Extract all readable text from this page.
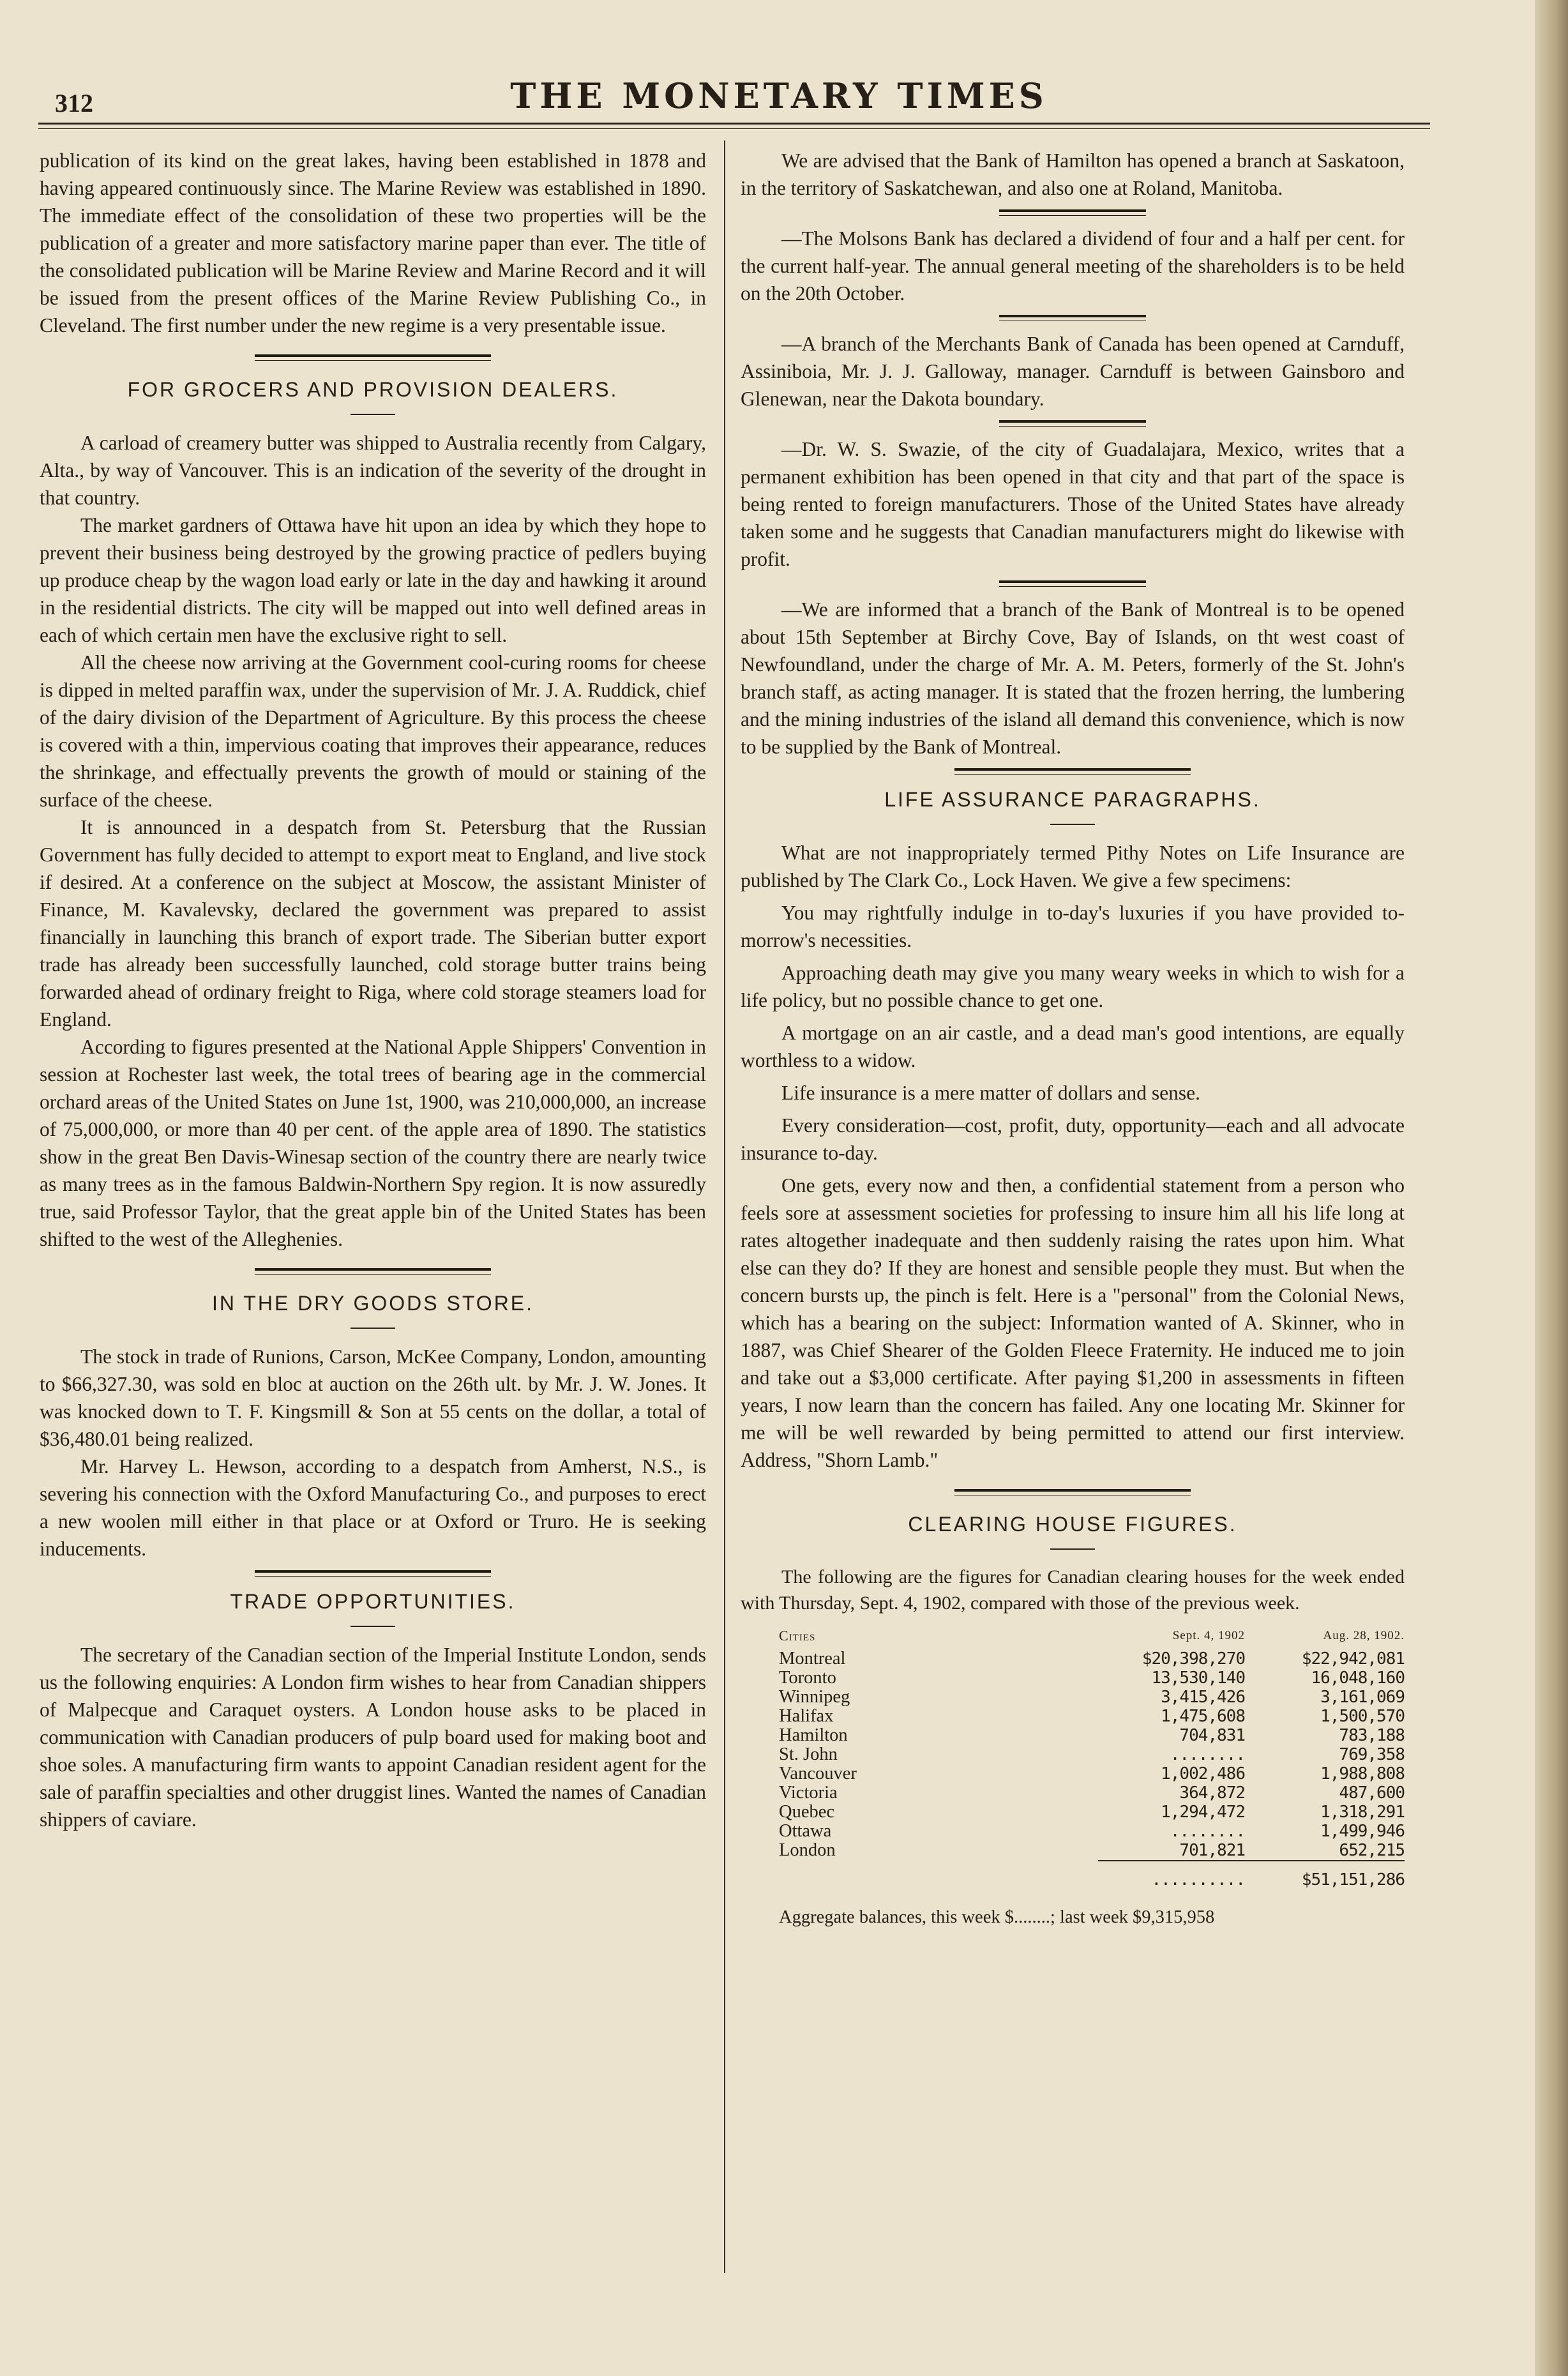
312	THE MONETARY TIMES

publication of its kind on the great lakes, having been established in 1878 and having appeared continuously since. The Marine Review was established in 1890. The immediate effect of the consolidation of these two properties will be the publication of a greater and more satisfactory marine paper than ever. The title of the consolidated publication will be Marine Review and Marine Record and it will be issued from the present offices of the Marine Review Publishing Co., in Cleveland. The first number under the new regime is a very presentable issue.

FOR GROCERS AND PROVISION DEALERS.

A carload of creamery butter was shipped to Australia recently from Calgary, Alta., by way of Vancouver. This is an indication of the severity of the drought in that country.

The market gardners of Ottawa have hit upon an idea by which they hope to prevent their business being destroyed by the growing practice of pedlers buying up produce cheap by the wagon load early or late in the day and hawking it around in the residential districts. The city will be mapped out into well defined areas in each of which certain men have the exclusive right to sell.

All the cheese now arriving at the Government cool-curing rooms for cheese is dipped in melted paraffin wax, under the supervision of Mr. J. A. Ruddick, chief of the dairy division of the Department of Agriculture. By this process the cheese is covered with a thin, impervious coating that improves their appearance, reduces the shrinkage, and effectually prevents the growth of mould or staining of the surface of the cheese.

It is announced in a despatch from St. Petersburg that the Russian Government has fully decided to attempt to export meat to England, and live stock if desired. At a conference on the subject at Moscow, the assistant Minister of Finance, M. Kavalevsky, declared the government was prepared to assist financially in launching this branch of export trade. The Siberian butter export trade has already been successfully launched, cold storage butter trains being forwarded ahead of ordinary freight to Riga, where cold storage steamers load for England.

According to figures presented at the National Apple Shippers' Convention in session at Rochester last week, the total trees of bearing age in the commercial orchard areas of the United States on June 1st, 1900, was 210,000,000, an increase of 75,000,000, or more than 40 per cent. of the apple area of 1890. The statistics show in the great Ben Davis-Winesap section of the country there are nearly twice as many trees as in the famous Baldwin-Northern Spy region. It is now assuredly true, said Professor Taylor, that the great apple bin of the United States has been shifted to the west of the Alleghenies.

IN THE DRY GOODS STORE.

The stock in trade of Runions, Carson, McKee Company, London, amounting to $66,327.30, was sold en bloc at auction on the 26th ult. by Mr. J. W. Jones. It was knocked down to T. F. Kingsmill & Son at 55 cents on the dollar, a total of $36,480.01 being realized.

Mr. Harvey L. Hewson, according to a despatch from Amherst, N.S., is severing his connection with the Oxford Manufacturing Co., and purposes to erect a new woolen mill either in that place or at Oxford or Truro. He is seeking inducements.

TRADE OPPORTUNITIES.

The secretary of the Canadian section of the Imperial Institute London, sends us the following enquiries: A London firm wishes to hear from Canadian shippers of Malpecque and Caraquet oysters. A London house asks to be placed in communication with Canadian producers of pulp board used for making boot and shoe soles. A manufacturing firm wants to appoint Canadian resident agent for the sale of paraffin specialties and other druggist lines. Wanted the names of Canadian shippers of caviare.

We are advised that the Bank of Hamilton has opened a branch at Saskatoon, in the territory of Saskatchewan, and also one at Roland, Manitoba.

—The Molsons Bank has declared a dividend of four and a half per cent. for the current half-year. The annual general meeting of the shareholders is to be held on the 20th October.

—A branch of the Merchants Bank of Canada has been opened at Carnduff, Assiniboia, Mr. J. J. Galloway, manager. Carnduff is between Gainsboro and Glenewan, near the Dakota boundary.

—Dr. W. S. Swazie, of the city of Guadalajara, Mexico, writes that a permanent exhibition has been opened in that city and that part of the space is being rented to foreign manufacturers. Those of the United States have already taken some and he suggests that Canadian manufacturers might do likewise with profit.

—We are informed that a branch of the Bank of Montreal is to be opened about 15th September at Birchy Cove, Bay of Islands, on tht west coast of Newfoundland, under the charge of Mr. A. M. Peters, formerly of the St. John's branch staff, as acting manager. It is stated that the frozen herring, the lumbering and the mining industries of the island all demand this convenience, which is now to be supplied by the Bank of Montreal.

LIFE ASSURANCE PARAGRAPHS.

What are not inappropriately termed Pithy Notes on Life Insurance are published by The Clark Co., Lock Haven. We give a few specimens:

You may rightfully indulge in to-day's luxuries if you have provided to-morrow's necessities.

Approaching death may give you many weary weeks in which to wish for a life policy, but no possible chance to get one.

A mortgage on an air castle, and a dead man's good intentions, are equally worthless to a widow.

Life insurance is a mere matter of dollars and sense.

Every consideration—cost, profit, duty, opportunity—each and all advocate insurance to-day.

One gets, every now and then, a confidential statement from a person who feels sore at assessment societies for professing to insure him all his life long at rates altogether inadequate and then suddenly raising the rates upon him. What else can they do? If they are honest and sensible people they must. But when the concern bursts up, the pinch is felt. Here is a "personal" from the Colonial News, which has a bearing on the subject: Information wanted of A. Skinner, who in 1887, was Chief Shearer of the Golden Fleece Fraternity. He induced me to join and take out a $3,000 certificate. After paying $1,200 in assessments in fifteen years, I now learn than the concern has failed. Any one locating Mr. Skinner for me will be well rewarded by being permitted to attend our first interview. Address, "Shorn Lamb."

CLEARING HOUSE FIGURES.

The following are the figures for Canadian clearing houses for the week ended with Thursday, Sept. 4, 1902, compared with those of the previous week.

Cities	Sept. 4, 1902	Aug. 28, 1902.
Montreal	$20,398,270	$22,942,081
Toronto	13,530,140	16,048,160
Winnipeg	3,415,426	3,161,069
Halifax	1,475,608	1,500,570
Hamilton	704,831	783,188
St. John	........	769,358
Vancouver	1,002,486	1,988,808
Victoria	364,872	487,600
Quebec	1,294,472	1,318,291
Ottawa	........	1,499,946
London	701,821	652,215
	..........	$51,151,286
Aggregate balances, this week $........; last week $9,315,958
